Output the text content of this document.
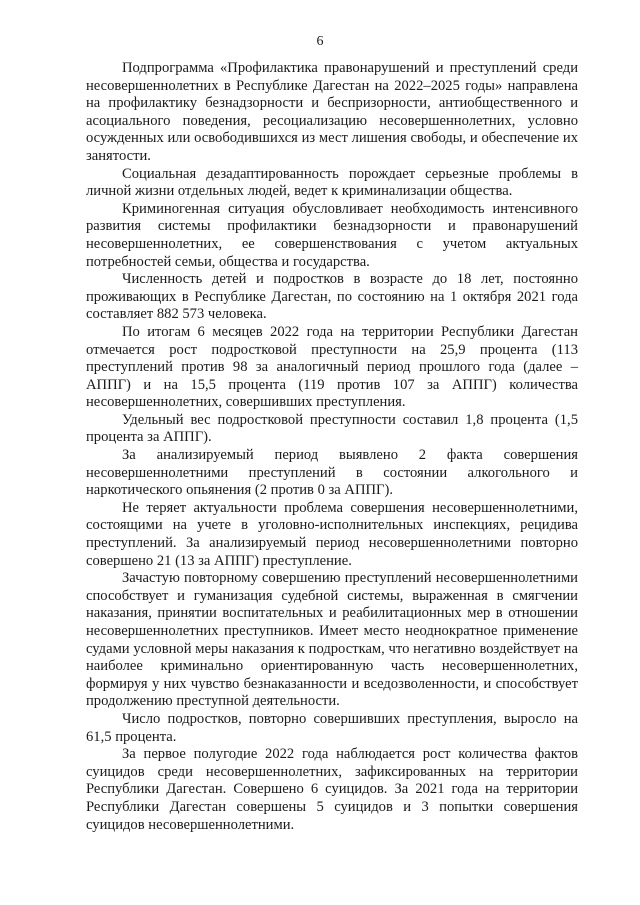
6

Подпрограмма «Профилактика правонарушений и преступлений среди несовершеннолетних в Республике Дагестан на 2022–2025 годы» направлена на профилактику безнадзорности и беспризорности, антиобщественного и асоциального поведения, ресоциализацию несовершеннолетних, условно осужденных или освободившихся из мест лишения свободы, и обеспечение их занятости.

Социальная дезадаптированность порождает серьезные проблемы в личной жизни отдельных людей, ведет к криминализации общества.

Криминогенная ситуация обусловливает необходимость интенсивного развития системы профилактики безнадзорности и правонарушений несовершеннолетних, ее совершенствования с учетом актуальных потребностей семьи, общества и государства.

Численность детей и подростков в возрасте до 18 лет, постоянно проживающих в Республике Дагестан, по состоянию на 1 октября 2021 года составляет 882 573 человека.

По итогам 6 месяцев 2022 года на территории Республики Дагестан отмечается рост подростковой преступности на 25,9 процента (113 преступлений против 98 за аналогичный период прошлого года (далее – АППГ) и на 15,5 процента (119 против 107 за АППГ) количества несовершеннолетних, совершивших преступления.

Удельный вес подростковой преступности составил 1,8 процента (1,5 процента за АППГ).

За анализируемый период выявлено 2 факта совершения несовершеннолетними преступлений в состоянии алкогольного и наркотического опьянения (2 против 0 за АППГ).

Не теряет актуальности проблема совершения несовершеннолетними, состоящими на учете в уголовно-исполнительных инспекциях, рецидива преступлений. За анализируемый период несовершеннолетними повторно совершено 21 (13 за АППГ) преступление.

Зачастую повторному совершению преступлений несовершеннолетними способствует и гуманизация судебной системы, выраженная в смягчении наказания, принятии воспитательных и реабилитационных мер в отношении несовершеннолетних преступников. Имеет место неоднократное применение судами условной меры наказания к подросткам, что негативно воздействует на наиболее криминально ориентированную часть несовершеннолетних, формируя у них чувство безнаказанности и вседозволенности, и способствует продолжению преступной деятельности.

Число подростков, повторно совершивших преступления, выросло на 61,5 процента.

За первое полугодие 2022 года наблюдается рост количества фактов суицидов среди несовершеннолетних, зафиксированных на территории Республики Дагестан. Совершено 6 суицидов. За 2021 года на территории Республики Дагестан совершены 5 суицидов и 3 попытки совершения суицидов несовершеннолетними.
